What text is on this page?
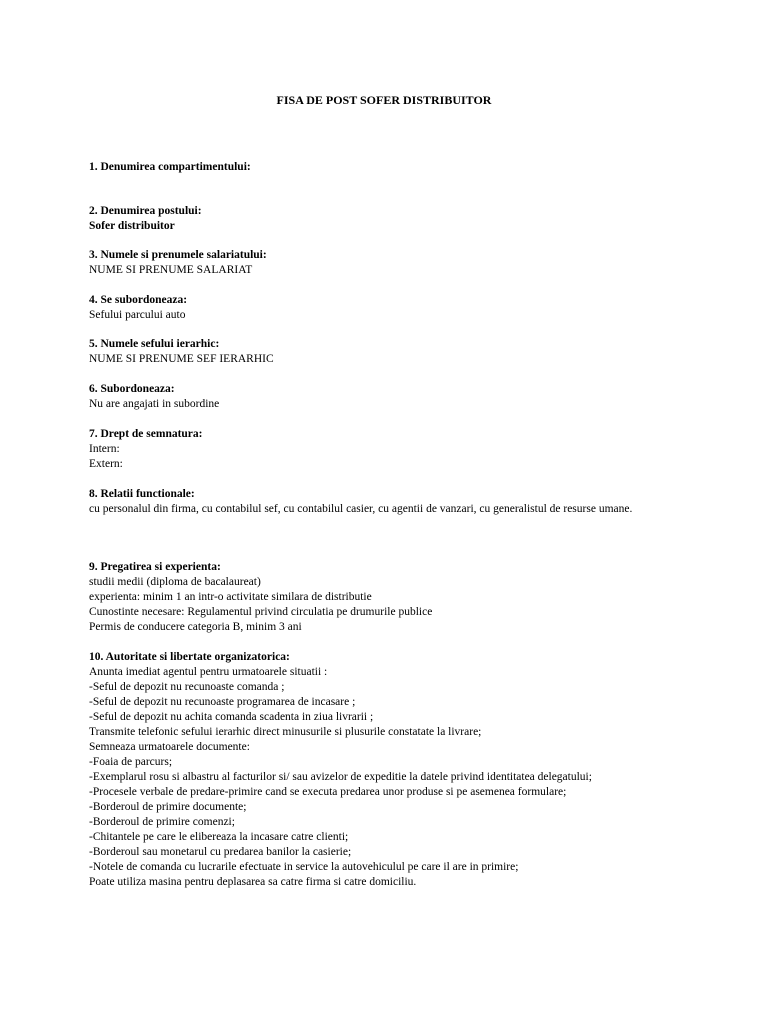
FISA DE POST SOFER DISTRIBUITOR
1. Denumirea compartimentului:
2. Denumirea postului:
Sofer distribuitor
3. Numele si prenumele salariatului:
NUME SI PRENUME SALARIAT
4. Se subordoneaza:
Sefului parcului auto
5. Numele sefului ierarhic:
NUME SI PRENUME SEF IERARHIC
6. Subordoneaza:
Nu are angajati in subordine
7. Drept de semnatura:
Intern:
Extern:
8. Relatii functionale:
cu personalul din firma, cu contabilul sef, cu contabilul casier, cu agentii de vanzari, cu generalistul de resurse umane.
9. Pregatirea si experienta:
studii medii (diploma de bacalaureat)
experienta: minim 1 an intr-o activitate similara de distributie
Cunostinte necesare: Regulamentul privind circulatia pe drumurile publice
Permis de conducere categoria B, minim 3 ani
10. Autoritate si libertate organizatorica:
Anunta imediat agentul pentru urmatoarele situatii :
-Seful de depozit nu recunoaste comanda ;
-Seful de depozit nu recunoaste programarea de incasare ;
-Seful de depozit nu achita comanda scadenta in ziua livrarii ;
Transmite telefonic sefului ierarhic direct minusurile si plusurile constatate la livrare;
Semneaza urmatoarele documente:
-Foaia de parcurs;
-Exemplarul rosu si albastru al facturilor si/ sau avizelor de expeditie la datele privind identitatea delegatului;
-Procesele verbale de predare-primire cand se executa predarea unor produse si pe asemenea formulare;
-Borderoul de primire documente;
-Borderoul de primire comenzi;
-Chitantele pe care le elibereaza la incasare catre clienti;
-Borderoul sau monetarul cu predarea banilor la casierie;
-Notele de comanda cu lucrarile efectuate in service la autovehiculul pe care il are in primire;
Poate utiliza masina pentru deplasarea sa catre firma si catre domiciliu.
